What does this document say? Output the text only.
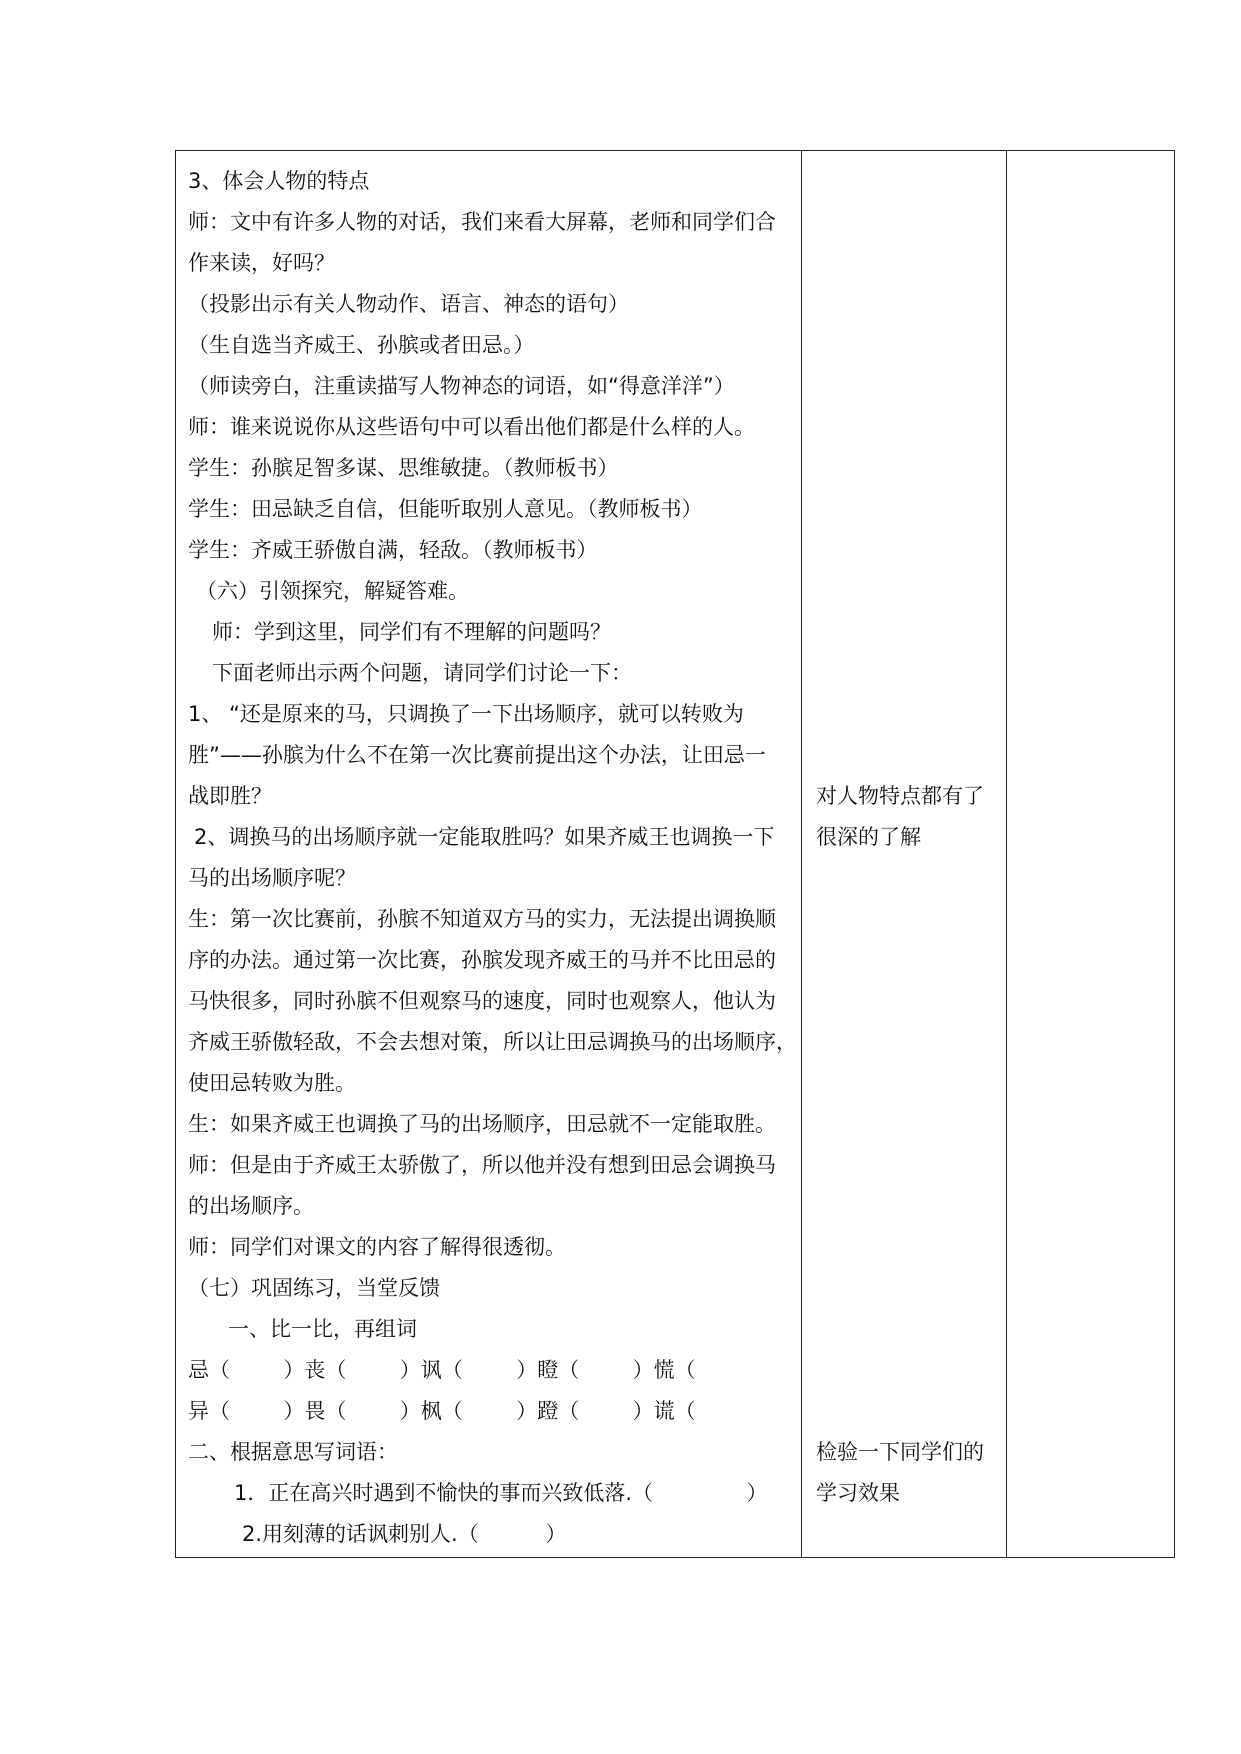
3、体会人物的特点
师：文中有许多人物的对话，我们来看大屏幕，老师和同学们合
作来读，好吗？
（投影出示有关人物动作、语言、神态的语句）
（生自选当齐威王、孙膑或者田忌。）
（师读旁白，注重读描写人物神态的词语，如“得意洋洋”）
师：谁来说说你从这些语句中可以看出他们都是什么样的人。
学生：孙膑足智多谋、思维敏捷。（教师板书）
学生：田忌缺乏自信，但能听取别人意见。（教师板书）
学生：齐威王骄傲自满，轻敌。（教师板书）
（六）引领探究，解疑答难。
师：学到这里，同学们有不理解的问题吗？
下面老师出示两个问题，请同学们讨论一下：
1、 “还是原来的马，只调换了一下出场顺序，就可以转败为
胜”——孙膑为什么不在第一次比赛前提出这个办法，让田忌一
战即胜？
2、调换马的出场顺序就一定能取胜吗？如果齐威王也调换一下
马的出场顺序呢？
生：第一次比赛前，孙膑不知道双方马的实力，无法提出调换顺
序的办法。通过第一次比赛，孙膑发现齐威王的马并不比田忌的
马快很多，同时孙膑不但观察马的速度，同时也观察人，他认为
齐威王骄傲轻敌，不会去想对策，所以让田忌调换马的出场顺序，
使田忌转败为胜。
生：如果齐威王也调换了马的出场顺序，田忌就不一定能取胜。
师：但是由于齐威王太骄傲了，所以他并没有想到田忌会调换马
的出场顺序。
师：同学们对课文的内容了解得很透彻。
（七）巩固练习，当堂反馈
一、比一比，再组词
忌（        ）丧（        ）讽（        ）瞪（        ）慌（
异（        ）畏（        ）枫（        ）蹬（        ）谎（
二、根据意思写词语：
1．正在高兴时遇到不愉快的事而兴致低落.（              ）
2.用刻薄的话讽刺别人.（          ）
对人物特点都有了
很深的了解
检验一下同学们的
学习效果
